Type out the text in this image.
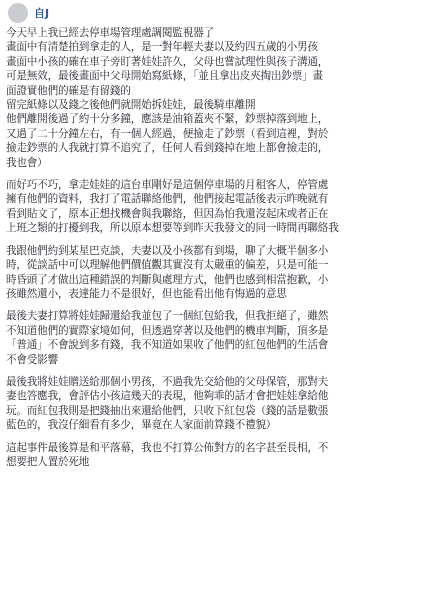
自J
今天早上我已經去停車場管理處調閱監視器了
畫面中有清楚拍到拿走的人，是一對年輕夫妻以及約四五歲的小男孩
畫面中小孩的確在車子旁盯著娃娃許久，父母也嘗試理性與孩子溝通，
可是無效，最後畫面中父母開始寫紙條，「並且拿出皮夾掏出鈔票」畫
面證實他們的確是有留錢的
留完紙條以及錢之後他們就開始拆娃娃，最後騎車離開
他們離開後過了約十分多鐘，應該是油箱蓋夾不緊，鈔票掉落到地上，
又過了二十分鐘左右，有一個人經過，便撿走了鈔票（看到這裡，對於
撿走鈔票的人我就打算不追究了，任何人看到錢掉在地上都會撿走的，
我也會）
而好巧不巧，拿走娃娃的這台車剛好是這個停車場的月租客人，停管處
擁有他們的資料，我打了電話聯絡他們，他們接起電話後表示昨晚就有
看到貼文了，原本正想找機會與我聯絡，但因為怕我還沒起床或者正在
上班之類的打擾到我，所以原本想要等到昨天我發文的同一時間再聯絡我
我跟他們約到某星巴克談，夫妻以及小孩都有到場，聊了大概半個多小
時，從談話中可以理解他們價值觀其實沒有太嚴重的偏差，只是可能一
時昏頭了才做出這種錯誤的判斷與處理方式，他們也感到相當抱歉，小
孩雖然還小，表達能力不是很好，但也能看出他有悔過的意思
最後夫妻打算將娃娃歸還給我並包了一個紅包給我，但我拒絕了，雖然
不知道他們的實際家境如何，但透過穿著以及他們的機車判斷，頂多是
「普通」不會說到多有錢，我不知道如果收了他們的紅包他們的生活會
不會受影響
最後我將娃娃贈送給那個小男孩，不過我先交給他的父母保管，那對夫
妻也答應我，會評估小孩這幾天的表現，他夠乖的話才會把娃娃拿給他
玩。而紅包我則是把錢抽出來還給他們，只收下紅包袋（錢的話是數張
藍色的，我沒仔細看有多少，畢竟在人家面前算錢不禮貌）
這起事件最後算是和平落幕，我也不打算公佈對方的名字甚至長相，不
想要把人置於死地
